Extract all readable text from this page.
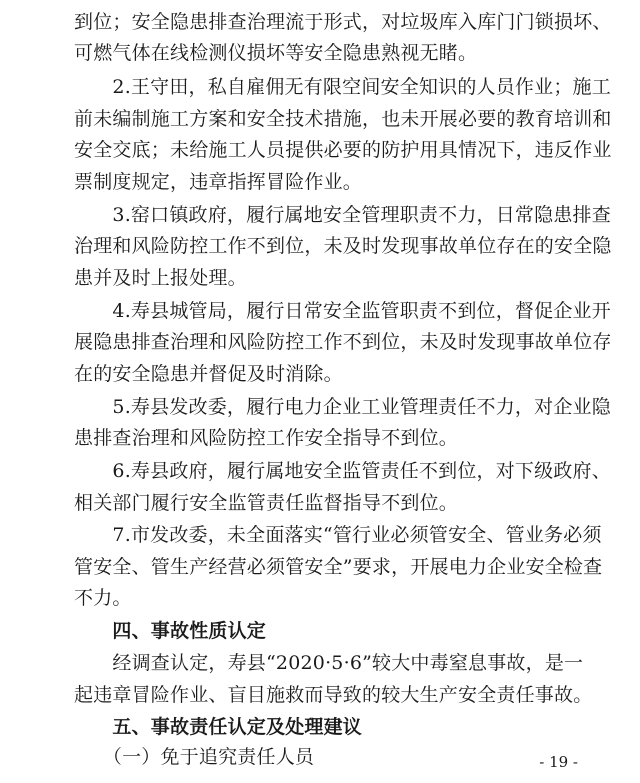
到位；安全隐患排查治理流于形式，对垃圾库入库门门锁损坏、
可燃气体在线检测仪损坏等安全隐患熟视无睹。
　　2.王守田，私自雇佣无有限空间安全知识的人员作业；施工
前未编制施工方案和安全技术措施，也未开展必要的教育培训和
安全交底；未给施工人员提供必要的防护用具情况下，违反作业
票制度规定，违章指挥冒险作业。
　　3.窑口镇政府，履行属地安全管理职责不力，日常隐患排查
治理和风险防控工作不到位，未及时发现事故单位存在的安全隐
患并及时上报处理。
　　4.寿县城管局，履行日常安全监管职责不到位，督促企业开
展隐患排查治理和风险防控工作不到位，未及时发现事故单位存
在的安全隐患并督促及时消除。
　　5.寿县发改委，履行电力企业工业管理责任不力，对企业隐
患排查治理和风险防控工作安全指导不到位。
　　6.寿县政府，履行属地安全监管责任不到位，对下级政府、
相关部门履行安全监管责任监督指导不到位。
　　7.市发改委，未全面落实“管行业必须管安全、管业务必须
管安全、管生产经营必须管安全”要求，开展电力企业安全检查
不力。
　　四、事故性质认定
　　经调查认定，寿县“2020·5·6”较大中毒窒息事故，是一
起违章冒险作业、盲目施救而导致的较大生产安全责任事故。
　　五、事故责任认定及处理建议
　　（一）免于追究责任人员	- 19 -
